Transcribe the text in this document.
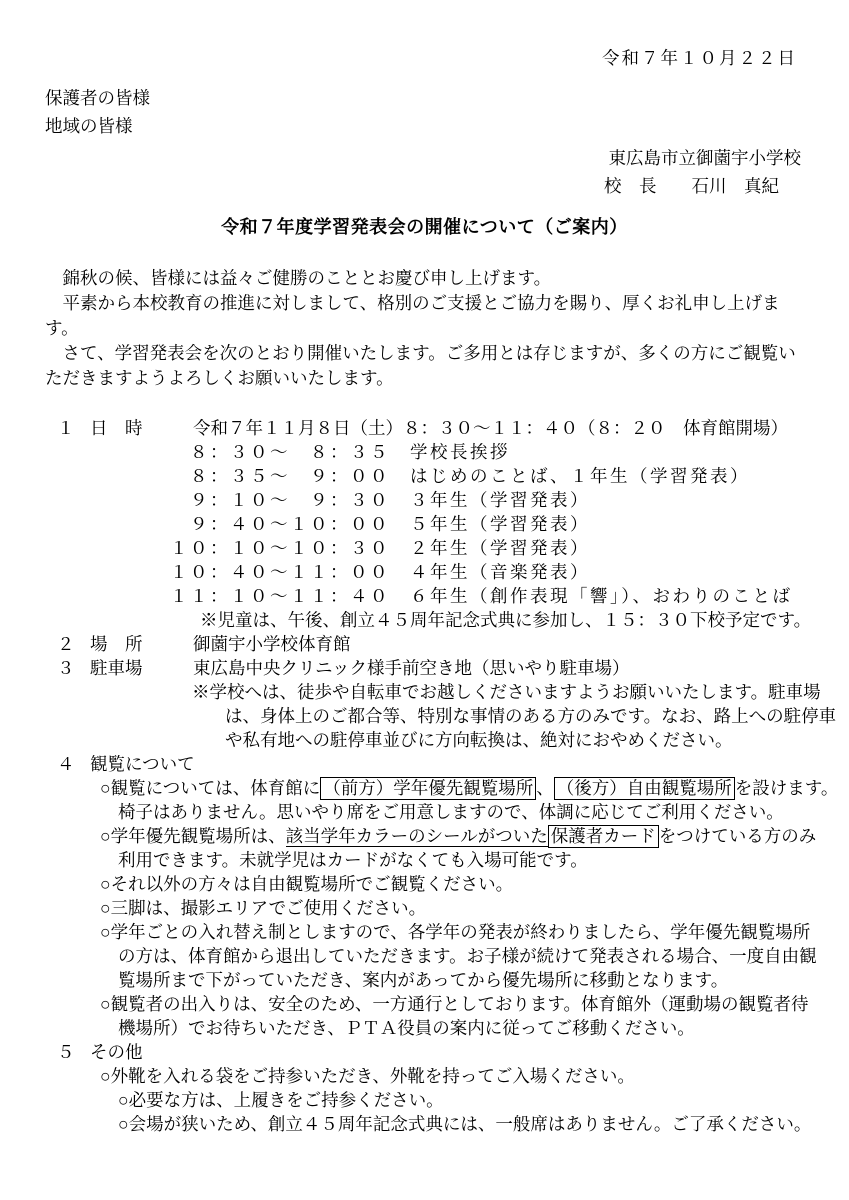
令和７年１０月２２日
保護者の皆様
地域の皆様
東広島市立御薗宇小学校
校　長　　石川　真紀
令和７年度学習発表会の開催について（ご案内）
　錦秋の候、皆様には益々ご健勝のこととお慶び申し上げます。
　平素から本校教育の推進に対しまして、格別のご支援とご協力を賜り、厚くお礼申し上げます。
　さて、学習発表会を次のとおり開催いたします。ご多用とは存じますが、多くの方にご観覧い
ただきますようよろしくお願いいたします。
１ 日　時	令和７年１１月８日（土）８：３０～１１：４０（８：２０　体育館開場）
　８：３０～　８：３５　学校長挨拶
　８：３５～　９：００　はじめのことば、１年生（学習発表）
　９：１０～　９：３０　３年生（学習発表）
　９：４０～１０：００　５年生（学習発表）
１０：１０～１０：３０　２年生（学習発表）
１０：４０～１１：００　４年生（音楽発表）
１１：１０～１１：４０　６年生（創作表現「響」）、おわりのことば
※児童は、午後、創立４５周年記念式典に参加し、１５：３０下校予定です。
２ 場　所	御薗宇小学校体育館
３ 駐車場	東広島中央クリニック様手前空き地（思いやり駐車場）
※学校へは、徒歩や自転車でお越しくださいますようお願いいたします。駐車場
は、身体上のご都合等、特別な事情のある方のみです。なお、路上への駐停車
や私有地への駐停車並びに方向転換は、絶対におやめください。
４ 観覧について
○観覧については、体育館に （前方）学年優先観覧場所 、 （後方）自由観覧場所 を設けます。
椅子はありません。思いやり席をご用意しますので、体調に応じてご利用ください。
○学年優先観覧場所は、該当学年カラーのシールがついた 保護者カード をつけている方のみ
利用できます。未就学児はカードがなくても入場可能です。
○それ以外の方々は自由観覧場所でご観覧ください。
○三脚は、撮影エリアでご使用ください。
○学年ごとの入れ替え制としますので、各学年の発表が終わりましたら、学年優先観覧場所
の方は、体育館から退出していただきます。お子様が続けて発表される場合、一度自由観
覧場所まで下がっていただき、案内があってから優先場所に移動となります。
○観覧者の出入りは、安全のため、一方通行としております。体育館外（運動場の観覧者待
機場所）でお待ちいただき、ＰＴＡ役員の案内に従ってご移動ください。
５ その他
○外靴を入れる袋をご持参いただき、外靴を持ってご入場ください。
○必要な方は、上履きをご持参ください。
○会場が狭いため、創立４５周年記念式典には、一般席はありません。ご了承ください。
